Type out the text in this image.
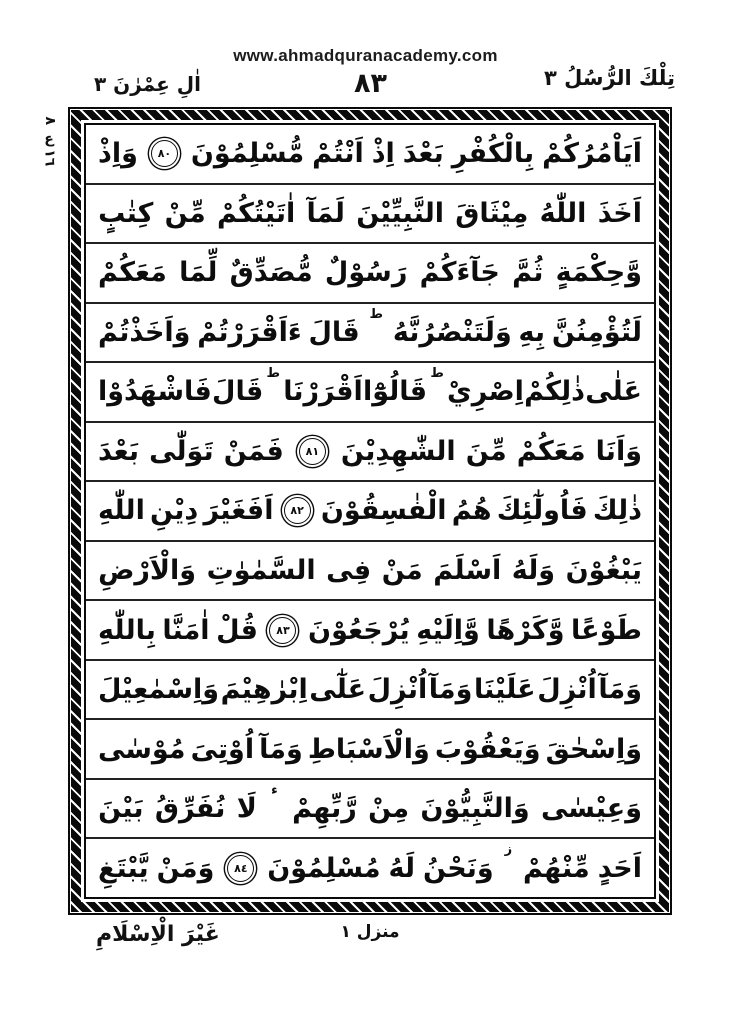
www.ahmadquranacademy.com
تِلْكَ الرُّسُلُ ٣
٨٣
اٰلِ عِمْرٰنَ ٣
٨
ع
١٦	اَيَاْمُرُكُمْ
بِالْكُفْرِ
بَعْدَ
اِذْ
اَنْتُمْ
مُّسْلِمُوْنَ
٨٠
وَاِذْ
اَخَذَ
اللّٰهُ
مِيْثَاقَ
النَّبِيِّيْنَ
لَمَآ
اٰتَيْتُكُمْ
مِّنْ
كِتٰبٍ
وَّحِكْمَةٍ
ثُمَّ
جَآءَكُمْ
رَسُوْلٌ
مُّصَدِّقٌ
لِّمَا
مَعَكُمْ
لَتُؤْمِنُنَّ
بِهِ
وَلَتَنْصُرُنَّهُ
ط
قَالَ
ءَاَقْرَرْتُمْ
وَاَخَذْتُمْ
عَلٰى
ذٰلِكُمْ
اِصْرِيْ
ط
قَالُوْٓا
اَقْرَرْنَا
ط
قَالَ
فَاشْهَدُوْا
وَاَنَا
مَعَكُمْ
مِّنَ
الشّٰهِدِيْنَ
٨١
فَمَنْ
تَوَلّٰى
بَعْدَ
ذٰلِكَ
فَاُولٰٓئِكَ
هُمُ
الْفٰسِقُوْنَ
٨٢
اَفَغَيْرَ
دِيْنِ
اللّٰهِ
يَبْغُوْنَ
وَلَهُ
اَسْلَمَ
مَنْ
فِى
السَّمٰوٰتِ
وَالْاَرْضِ
طَوْعًا
وَّكَرْهًا
وَّاِلَيْهِ
يُرْجَعُوْنَ
٨٣
قُلْ
اٰمَنَّا
بِاللّٰهِ
وَمَآ
اُنْزِلَ
عَلَيْنَا
وَمَآ
اُنْزِلَ
عَلٰٓى
اِبْرٰهِيْمَ
وَاِسْمٰعِيْلَ
وَاِسْحٰقَ
وَيَعْقُوْبَ
وَالْاَسْبَاطِ
وَمَآ
اُوْتِىَ
مُوْسٰى
وَعِيْسٰى
وَالنَّبِيُّوْنَ
مِنْ
رَّبِّهِمْ
ء
لَا
نُفَرِّقُ
بَيْنَ
اَحَدٍ
مِّنْهُمْ
ز
وَنَحْنُ
لَهُ
مُسْلِمُوْنَ
٨٤
وَمَنْ
يَّبْتَغِ
منزل ١
غَيْرَ الْاِسْلَامِ
